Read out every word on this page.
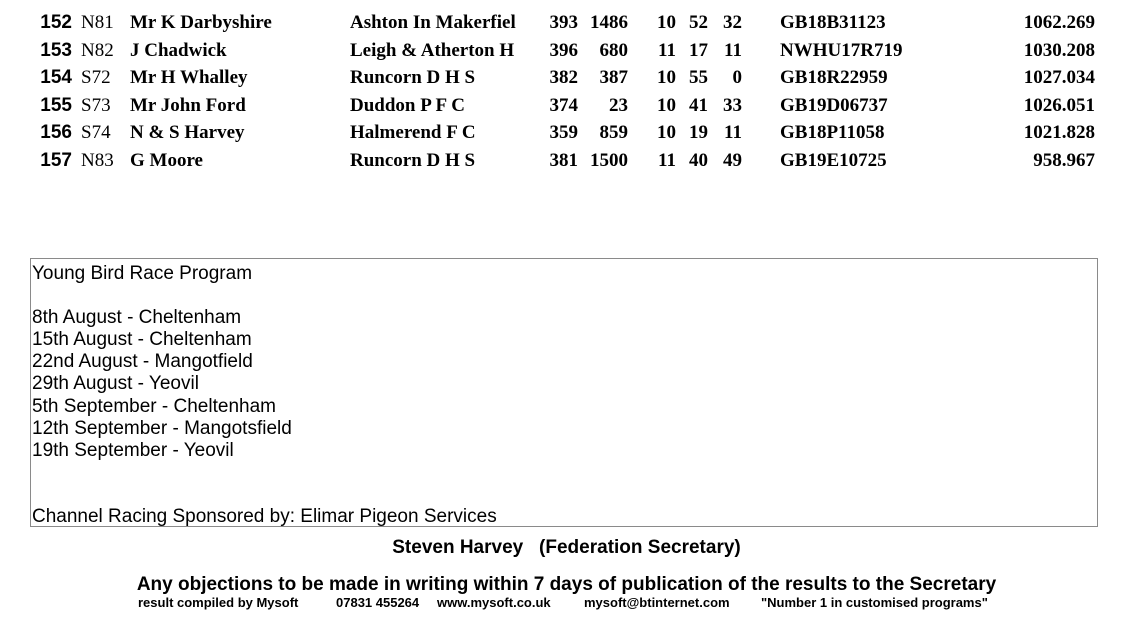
152 N81 Mr K Darbyshire	Ashton In Makerfiel	393 1486	10 52 32 GB18B31123	1062.269
153 N82 J Chadwick	Leigh & Atherton H	396	680	11 17 11 NWHU17R719	1030.208
154 S72 Mr H Whalley	Runcorn D H S	382	387	10 55	0 GB18R22959	1027.034
155 S73 Mr John Ford	Duddon P F C	374	23	10 41 33 GB19D06737	1026.051
156 S74 N & S Harvey	Halmerend F C	359	859	10 19 11 GB18P11058	1021.828
157 N83 G Moore	Runcorn D H S	381 1500	11 40 49 GB19E10725	958.967
Young Bird Race Program
8th August - Cheltenham
15th August - Cheltenham
22nd August - Mangotfield
29th August - Yeovil
5th September - Cheltenham
12th September - Mangotsfield
19th September - Yeovil
Channel Racing Sponsored by: Elimar Pigeon Services
Steven Harvey   (Federation Secretary)
Any objections to be made in writing within 7 days of publication of the results to the Secretary
result compiled by Mysoft	07831 455264 www.mysoft.co.uk	mysoft@btinternet.com "Number 1 in customised programs"
